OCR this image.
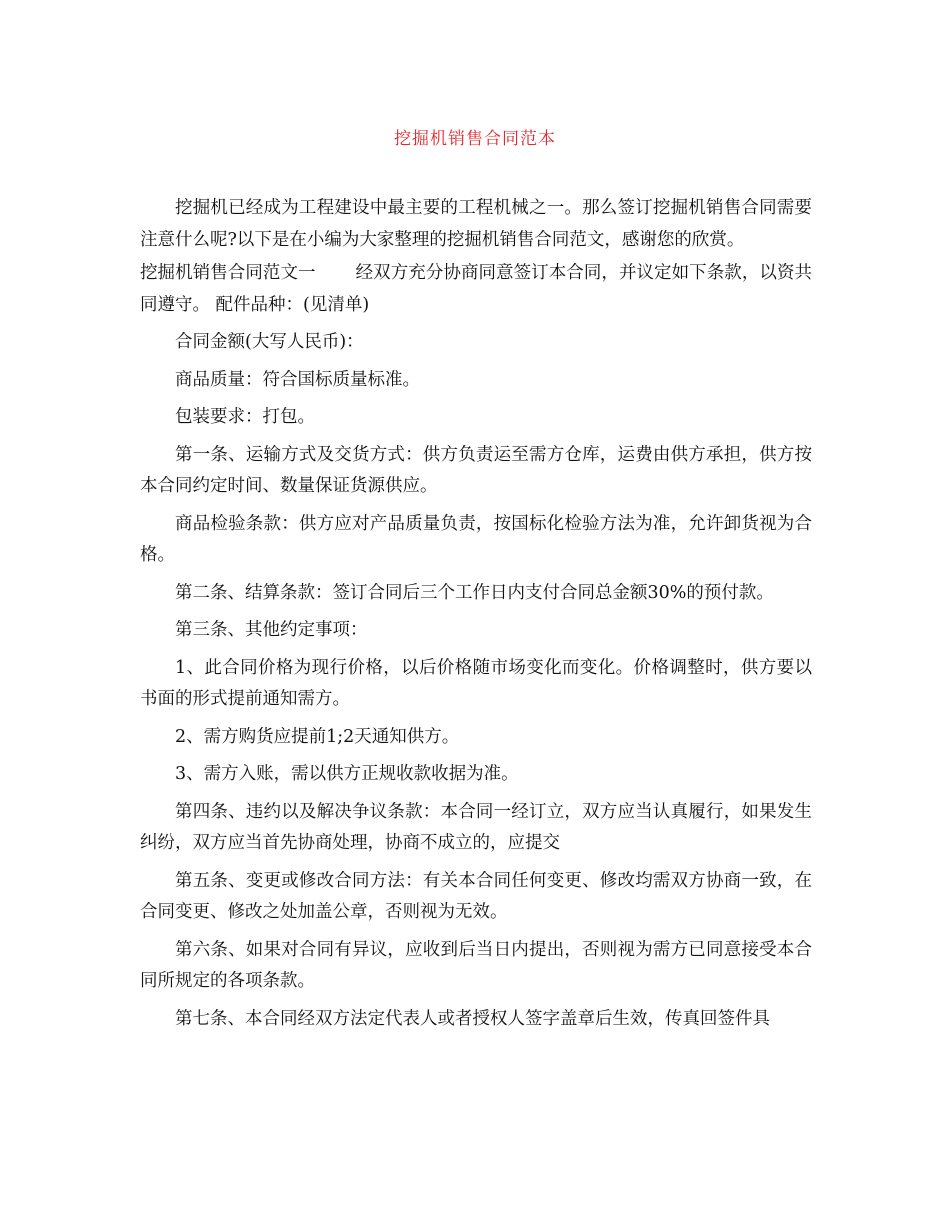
挖掘机销售合同范本

挖掘机已经成为工程建设中最主要的工程机械之一。那么签订挖掘机销售合同需要注意什么呢?以下是在小编为大家整理的挖掘机销售合同范文，感谢您的欣赏。

挖掘机销售合同范文一 经双方充分协商同意签订本合同，并议定如下条款，以资共同遵守。 配件品种：(见清单)

合同金额(大写人民币)：

商品质量：符合国标质量标准。

包装要求：打包。

第一条、运输方式及交货方式：供方负责运至需方仓库，运费由供方承担，供方按本合同约定时间、数量保证货源供应。

商品检验条款：供方应对产品质量负责，按国标化检验方法为准，允许卸货视为合格。

第二条、结算条款：签订合同后三个工作日内支付合同总金额30%的预付款。

第三条、其他约定事项：

1、此合同价格为现行价格，以后价格随市场变化而变化。价格调整时，供方要以书面的形式提前通知需方。

2、需方购货应提前1;2天通知供方。

3、需方入账，需以供方正规收款收据为准。

第四条、违约以及解决争议条款：本合同一经订立，双方应当认真履行，如果发生纠纷，双方应当首先协商处理，协商不成立的，应提交

第五条、变更或修改合同方法：有关本合同任何变更、修改均需双方协商一致，在合同变更、修改之处加盖公章，否则视为无效。

第六条、如果对合同有异议，应收到后当日内提出，否则视为需方已同意接受本合同所规定的各项条款。

第七条、本合同经双方法定代表人或者授权人签字盖章后生效，传真回签件具
